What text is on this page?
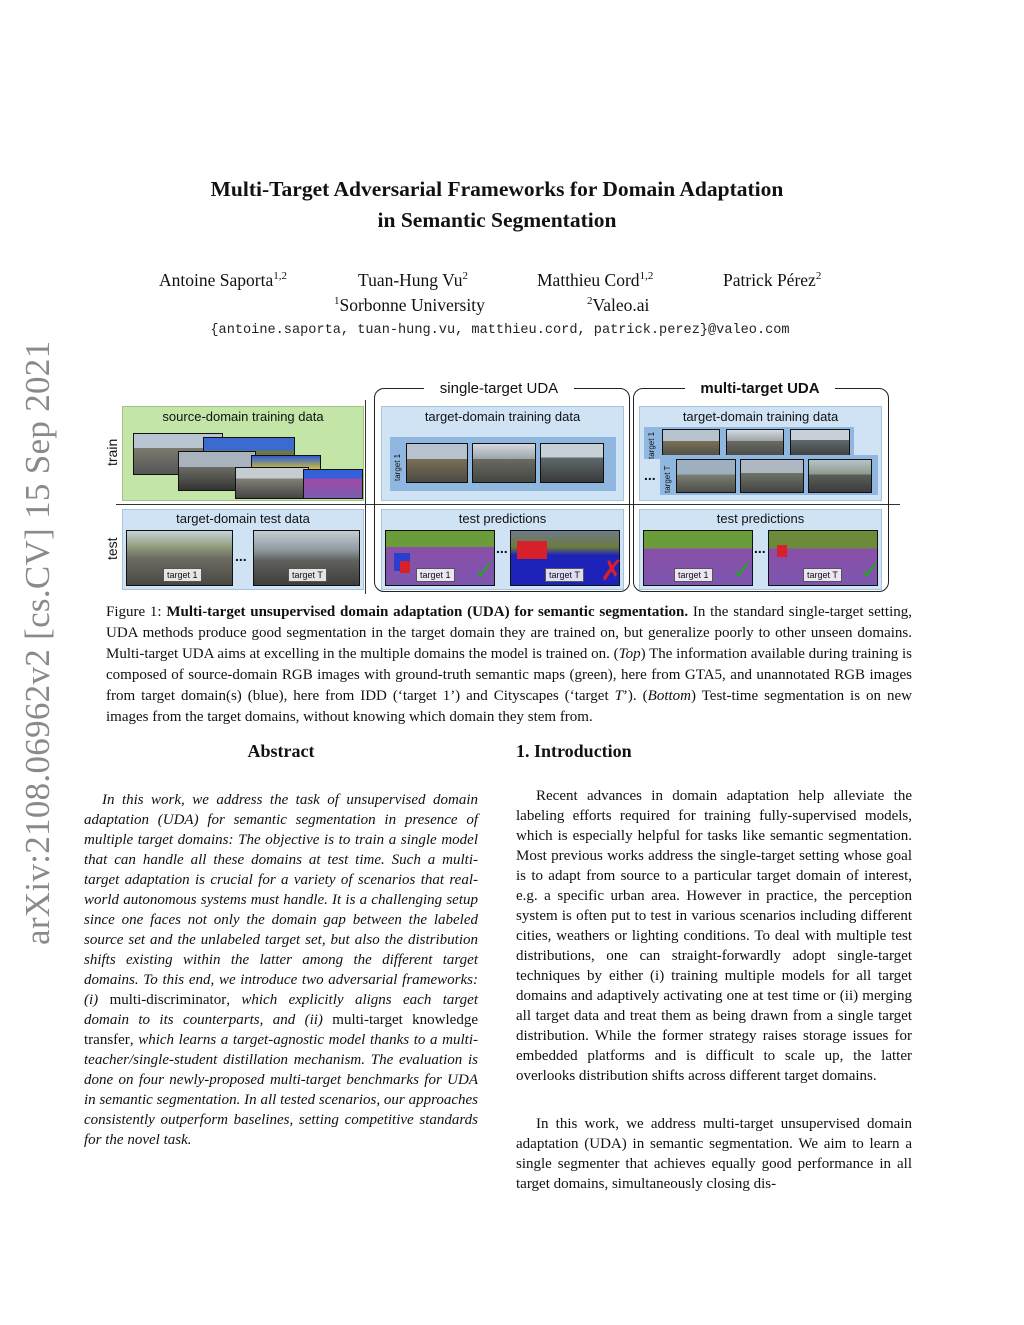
arXiv:2108.06962v2 [cs.CV] 15 Sep 2021
Multi-Target Adversarial Frameworks for Domain Adaptation
in Semantic Segmentation
Antoine Saporta$^{1,2}$	Tuan-Hung Vu$^2$	Matthieu Cord$^{1,2}$	Patrick Pérez$^2$
$^1$Sorbonne University	$^2$Valeo.ai
{antoine.saporta, tuan-hung.vu, matthieu.cord, patrick.perez}@valeo.com
train
test
source-domain training data
single-target UDA	multi-target UDA
target-domain training data
target 1
target-domain training data
target 1
target T
...
target-domain test data
target 1
...
target T
test predictions
target 1
...
target T
✓	✗
test predictions
target 1
...
target T
✓	✓
Figure 1: Multi-target unsupervised domain adaptation (UDA) for semantic segmentation. In the standard single-target setting, UDA methods produce good segmentation in the target domain they are trained on, but generalize poorly to other unseen domains. Multi-target UDA aims at excelling in the multiple domains the model is trained on. (Top) The information available during training is composed of source-domain RGB images with ground-truth semantic maps (green), here from GTA5, and unannotated RGB images from target domain(s) (blue), here from IDD (‘target 1’) and Cityscapes (‘target T’). (Bottom) Test-time segmentation is on new images from the target domains, without knowing which domain they stem from.
Abstract
In this work, we address the task of unsupervised domain adaptation (UDA) for semantic segmentation in presence of multiple target domains: The objective is to train a single model that can handle all these domains at test time. Such a multi-target adaptation is crucial for a variety of scenarios that real-world autonomous systems must handle. It is a challenging setup since one faces not only the domain gap between the labeled source set and the unlabeled target set, but also the distribution shifts existing within the latter among the different target domains. To this end, we introduce two adversarial frameworks: (i) multi-discriminator, which explicitly aligns each target domain to its counterparts, and (ii) multi-target knowledge transfer, which learns a target-agnostic model thanks to a multi-teacher/single-student distillation mechanism. The evaluation is done on four newly-proposed multi-target benchmarks for UDA in semantic segmentation. In all tested scenarios, our approaches consistently outperform baselines, setting competitive standards for the novel task.
1. Introduction

Recent advances in domain adaptation help alleviate the labeling efforts required for training fully-supervised models, which is especially helpful for tasks like semantic segmentation. Most previous works address the single-target setting whose goal is to adapt from source to a particular target domain of interest, e.g. a specific urban area. However in practice, the perception system is often put to test in various scenarios including different cities, weathers or lighting conditions. To deal with multiple test distributions, one can straight-forwardly adopt single-target techniques by either (i) training multiple models for all target domains and adaptively activating one at test time or (ii) merging all target data and treat them as being drawn from a single target distribution. While the former strategy raises storage issues for embedded platforms and is difficult to scale up, the latter overlooks distribution shifts across different target domains.

In this work, we address multi-target unsupervised domain adaptation (UDA) in semantic segmentation. We aim to learn a single segmenter that achieves equally good performance in all target domains, simultaneously closing dis-
